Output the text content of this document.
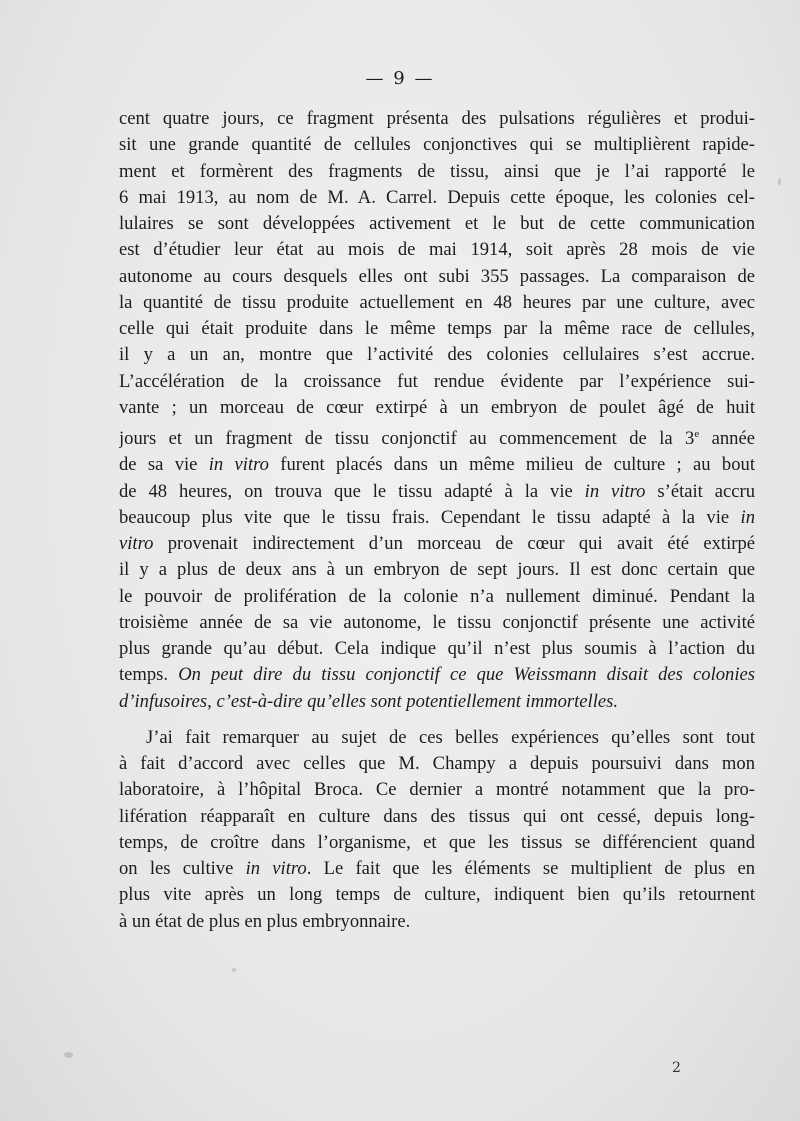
— 9 —

cent quatre jours, ce fragment présenta des pulsations régulières et produi-
sit une grande quantité de cellules conjonctives qui se multiplièrent rapide-
ment et formèrent des fragments de tissu, ainsi que je l’ai rapporté le
6 mai 1913, au nom de M. A. Carrel. Depuis cette époque, les colonies cel-
lulaires se sont développées activement et le but de cette communication
est d’étudier leur état au mois de mai 1914, soit après 28 mois de vie
autonome au cours desquels elles ont subi 355 passages. La comparaison de
la quantité de tissu produite actuellement en 48 heures par une culture, avec
celle qui était produite dans le même temps par la même race de cellules,
il y a un an, montre que l’activité des colonies cellulaires s’est accrue.
L’accélération de la croissance fut rendue évidente par l’expérience sui-
vante ; un morceau de cœur extirpé à un embryon de poulet âgé de huit
jours et un fragment de tissu conjonctif au commencement de la 3e année
de sa vie in vitro furent placés dans un même milieu de culture ; au bout
de 48 heures, on trouva que le tissu adapté à la vie in vitro s’était accru
beaucoup plus vite que le tissu frais. Cependant le tissu adapté à la vie in
vitro provenait indirectement d’un morceau de cœur qui avait été extirpé
il y a plus de deux ans à un embryon de sept jours. Il est donc certain que
le pouvoir de prolifération de la colonie n’a nullement diminué. Pendant la
troisième année de sa vie autonome, le tissu conjonctif présente une activité
plus grande qu’au début. Cela indique qu’il n’est plus soumis à l’action du
temps. On peut dire du tissu conjonctif ce que Weissmann disait des colonies
d’infusoires, c’est-à-dire qu’elles sont potentiellement immortelles.

J’ai fait remarquer au sujet de ces belles expériences qu’elles sont tout
à fait d’accord avec celles que M. Champy a depuis poursuivi dans mon
laboratoire, à l’hôpital Broca. Ce dernier a montré notamment que la pro-
lifération réapparaît en culture dans des tissus qui ont cessé, depuis long-
temps, de croître dans l’organisme, et que les tissus se différencient quand
on les cultive in vitro. Le fait que les éléments se multiplient de plus en
plus vite après un long temps de culture, indiquent bien qu’ils retournent
à un état de plus en plus embryonnaire.

2
